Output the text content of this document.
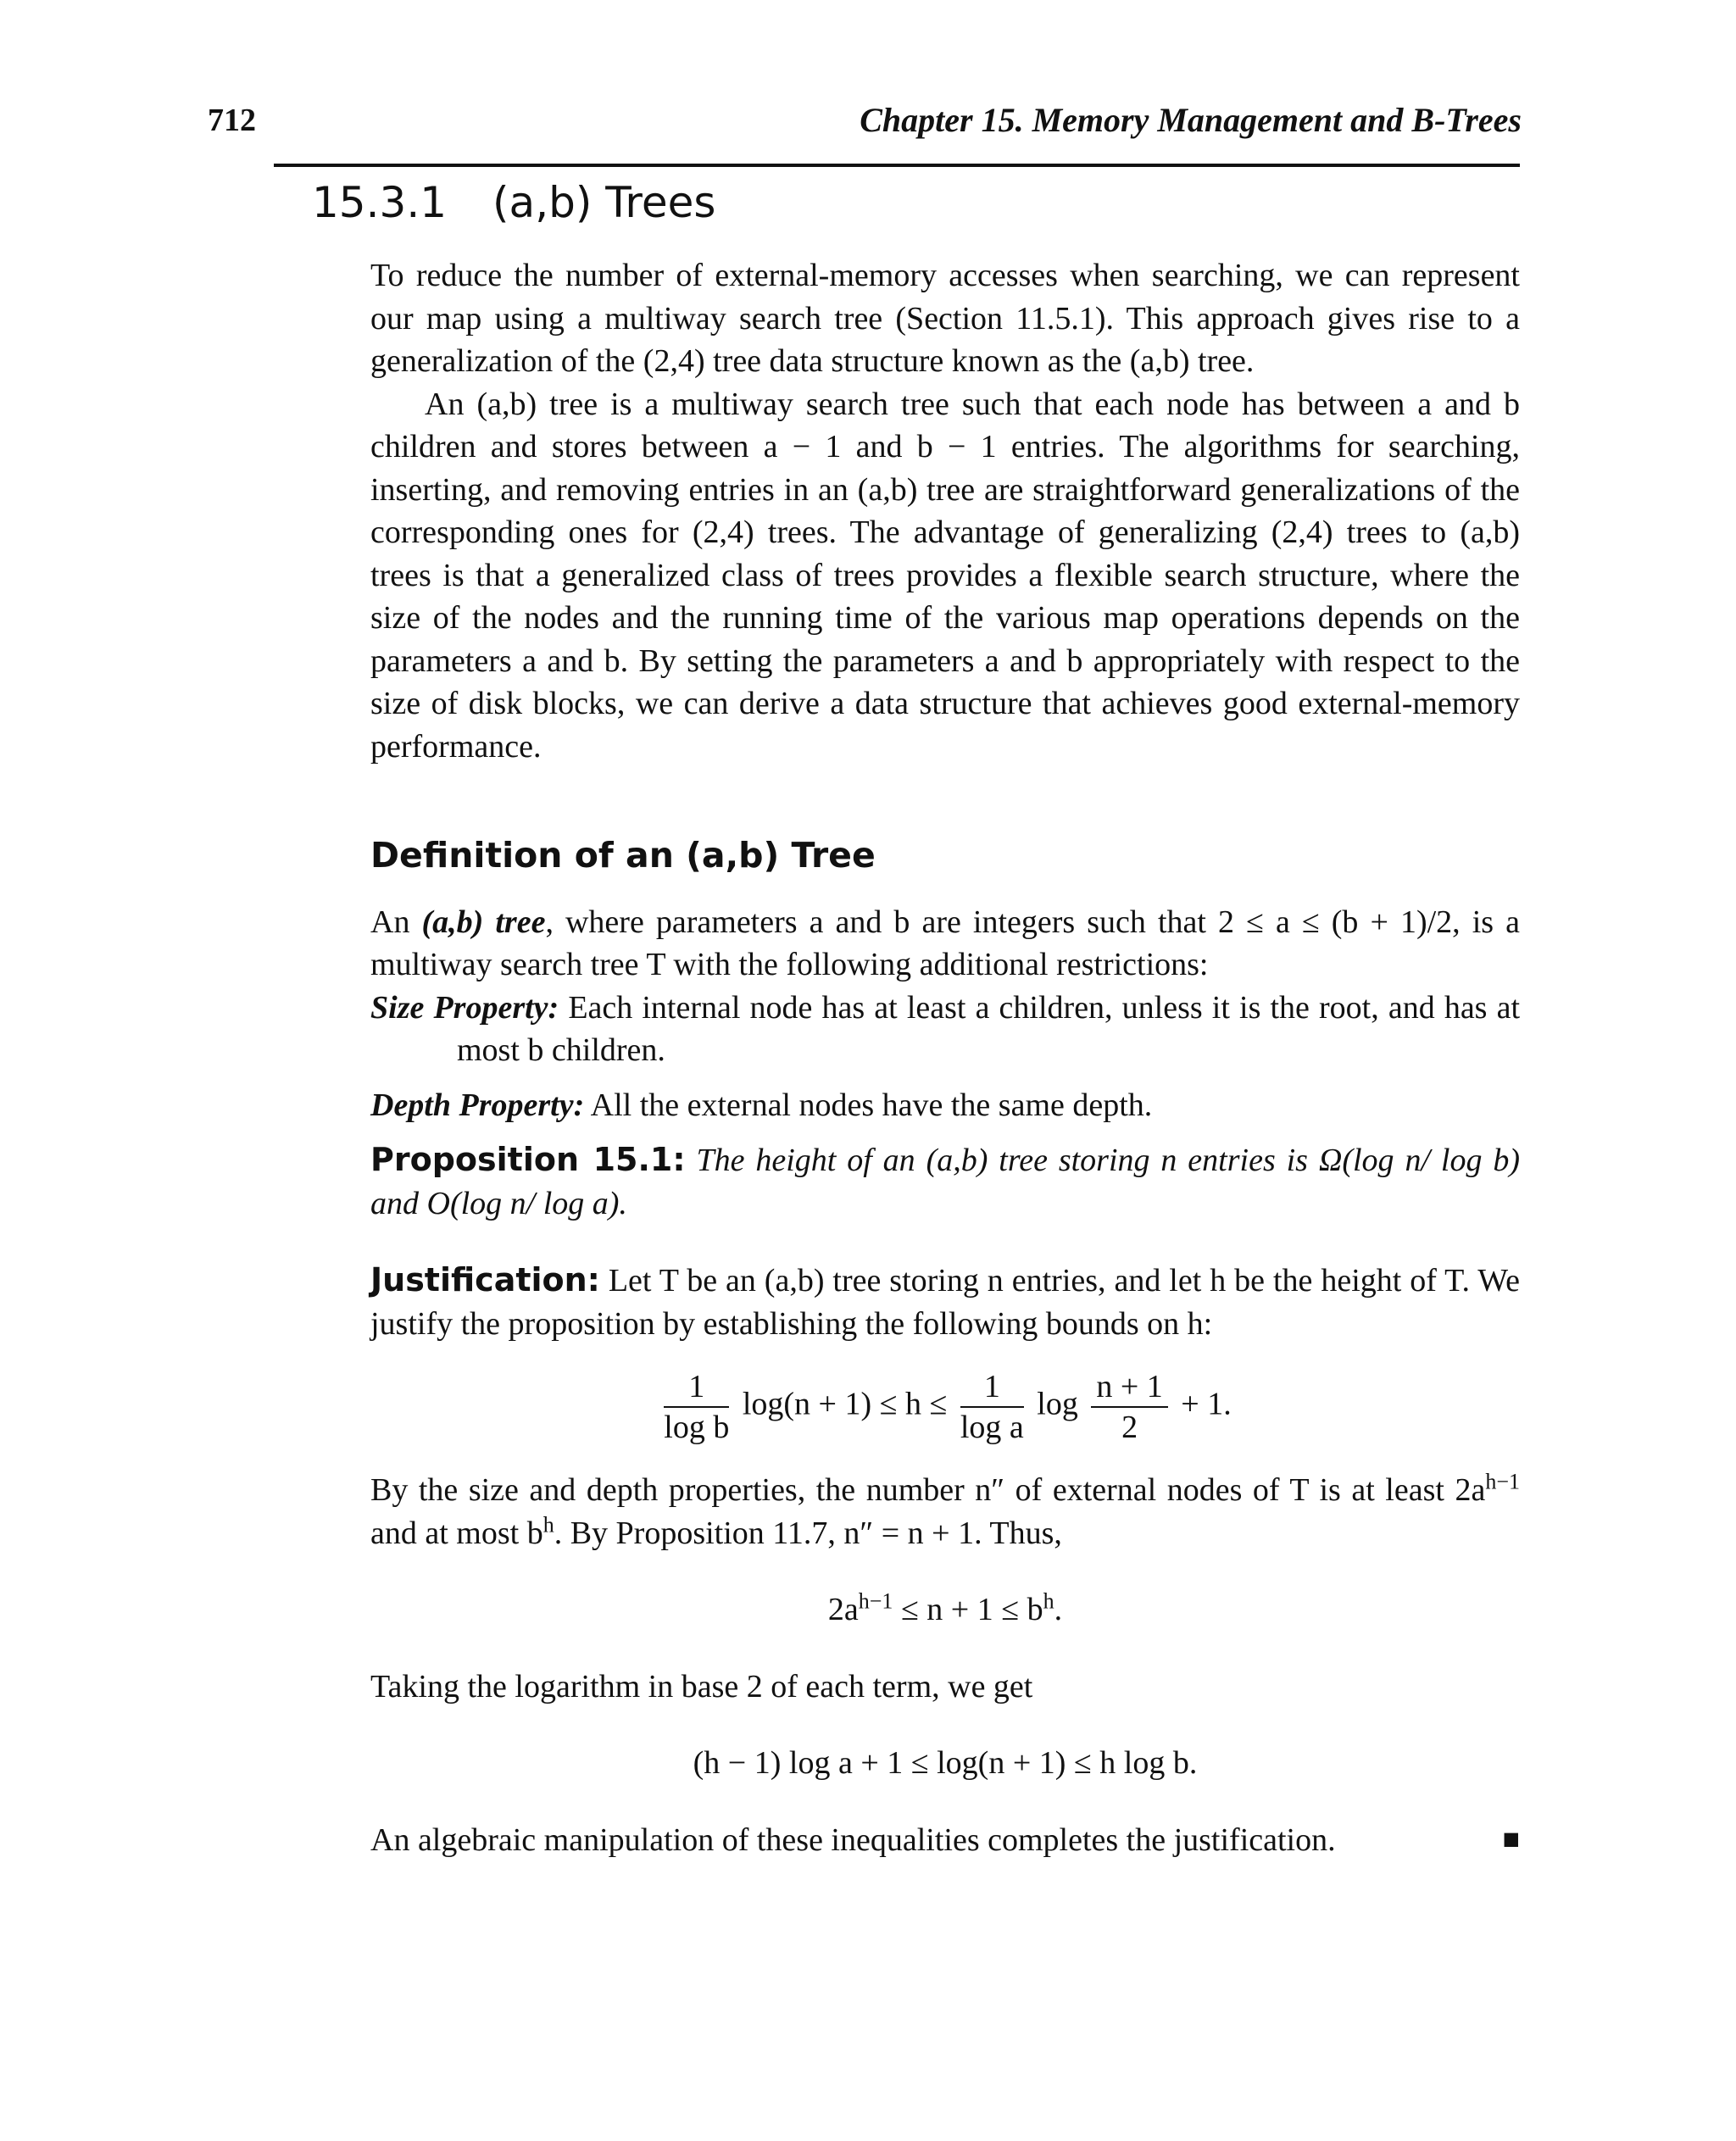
712	Chapter 15. Memory Management and B-Trees
15.3.1 (a,b) Trees

To reduce the number of external-memory accesses when searching, we can represent our map using a multiway search tree (Section 11.5.1). This approach gives rise to a generalization of the (2,4) tree data structure known as the (a,b) tree.

An (a,b) tree is a multiway search tree such that each node has between a and b children and stores between a − 1 and b − 1 entries. The algorithms for searching, inserting, and removing entries in an (a,b) tree are straightforward generalizations of the corresponding ones for (2,4) trees. The advantage of generalizing (2,4) trees to (a,b) trees is that a generalized class of trees provides a flexible search structure, where the size of the nodes and the running time of the various map operations depends on the parameters a and b. By setting the parameters a and b appropriately with respect to the size of disk blocks, we can derive a data structure that achieves good external-memory performance.

Definition of an (a,b) Tree

An (a,b) tree, where parameters a and b are integers such that 2 ≤ a ≤ (b + 1)/2, is a multiway search tree T with the following additional restrictions:

Size Property: Each internal node has at least a children, unless it is the root, and has at most b children.

Depth Property: All the external nodes have the same depth.

Proposition 15.1: The height of an (a,b) tree storing n entries is Ω(log n/ log b) and O(log n/ log a).

Justification: Let T be an (a,b) tree storing n entries, and let h be the height of T. We justify the proposition by establishing the following bounds on h:

$\frac{1}{\text{log b}} \log(n + 1) \le h \le \frac{1}{\text{log a}}$ $\log \frac{n + 1}{2} + 1$.

By the size and depth properties, the number n″ of external nodes of T is at least $2a^{h-1}$ and at most $b^h$. By Proposition 11.7, n″ = n + 1. Thus,

$2a^{h-1} \le n + 1 \le b^h$.

Taking the logarithm in base 2 of each term, we get

(h − 1) log a + 1 ≤ log(n + 1) ≤ h log b.

An algebraic manipulation of these inequalities completes the justification.	■
